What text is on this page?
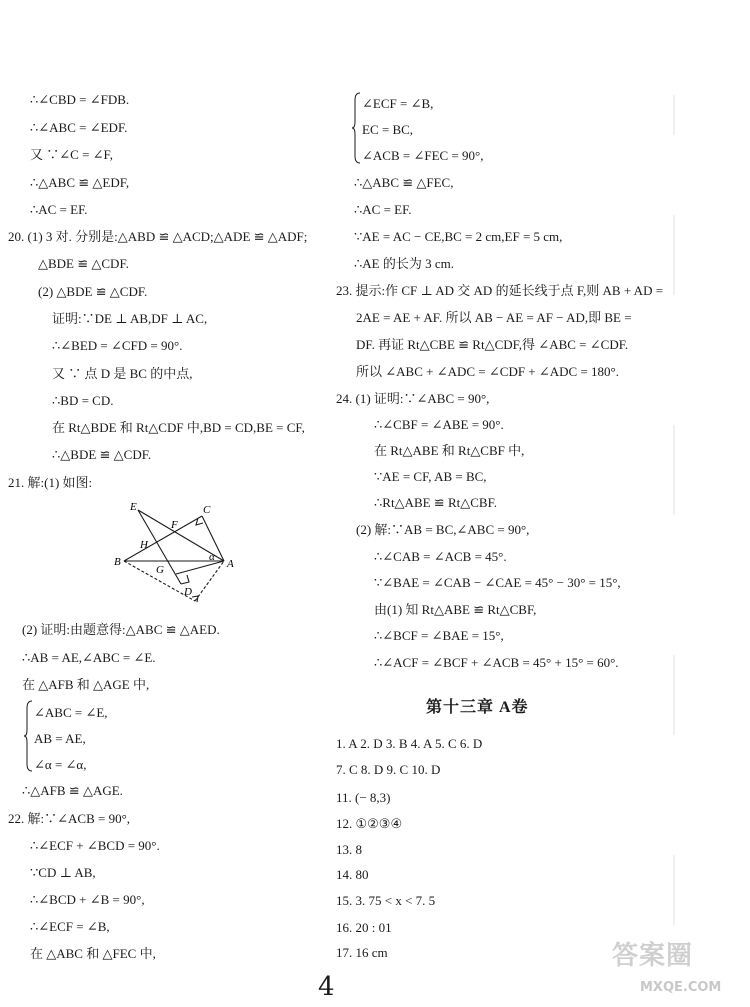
∴∠CBD = ∠FDB.
∴∠ABC = ∠EDF.
又 ∵∠C = ∠F,
∴△ABC ≌ △EDF,
∴AC = EF.
20. (1) 3 对. 分别是:△ABD ≌ △ACD;△ADE ≌ △ADF;
△BDE ≌ △CDF.
(2) △BDE ≌ △CDF.
证明:∵DE ⊥ AB,DF ⊥ AC,
∴∠BED = ∠CFD = 90°.
又 ∵ 点 D 是 BC 的中点,
∴BD = CD.
在 Rt△BDE 和 Rt△CDF 中,BD = CD,BE = CF,
∴△BDE ≌ △CDF.
21. 解:(1) 如图:
E	C
F
H
α
A
B
G
D
(2) 证明:由题意得:△ABC ≌ △AED.
∴AB = AE,∠ABC = ∠E.
在 △AFB 和 △AGE 中,
∠ABC = ∠E,
AB = AE,
∠α = ∠α,
∴△AFB ≌ △AGE.
22. 解:∵∠ACB = 90°,
∴∠ECF + ∠BCD = 90°.
∵CD ⊥ AB,
∴∠BCD + ∠B = 90°,
∴∠ECF = ∠B,
在 △ABC 和 △FEC 中,
∠ECF = ∠B,
EC = BC,
∠ACB = ∠FEC = 90°,
∴△ABC ≌ △FEC,
∴AC = EF.
∵AE = AC − CE,BC = 2 cm,EF = 5 cm,
∴AE 的长为 3 cm.
23. 提示:作 CF ⊥ AD 交 AD 的延长线于点 F,则 AB + AD =
2AE = AE + AF. 所以 AB − AE = AF − AD,即 BE =
DF. 再证 Rt△CBE ≌ Rt△CDF,得 ∠ABC = ∠CDF.
所以 ∠ABC + ∠ADC = ∠CDF + ∠ADC = 180°.
24. (1) 证明:∵∠ABC = 90°,
∴∠CBF = ∠ABE = 90°.
在 Rt△ABE 和 Rt△CBF 中,
∵AE = CF, AB = BC,
∴Rt△ABE ≌ Rt△CBF.
(2) 解:∵AB = BC,∠ABC = 90°,
∴∠CAB = ∠ACB = 45°.
∵∠BAE = ∠CAB − ∠CAE = 45° − 30° = 15°,
由(1) 知 Rt△ABE ≌ Rt△CBF,
∴∠BCF = ∠BAE = 15°,
∴∠ACF = ∠BCF + ∠ACB = 45° + 15° = 60°.
第十三章 A卷
1. A 2. D 3. B 4. A 5. C 6. D
7. C 8. D 9. C 10. D
11. (− 8,3)
12. ①②③④
13. 8
14. 80
15. 3. 75 < x < 7. 5
16. 20 : 01
17. 16 cm
4
答案圈
MXQE.COM
